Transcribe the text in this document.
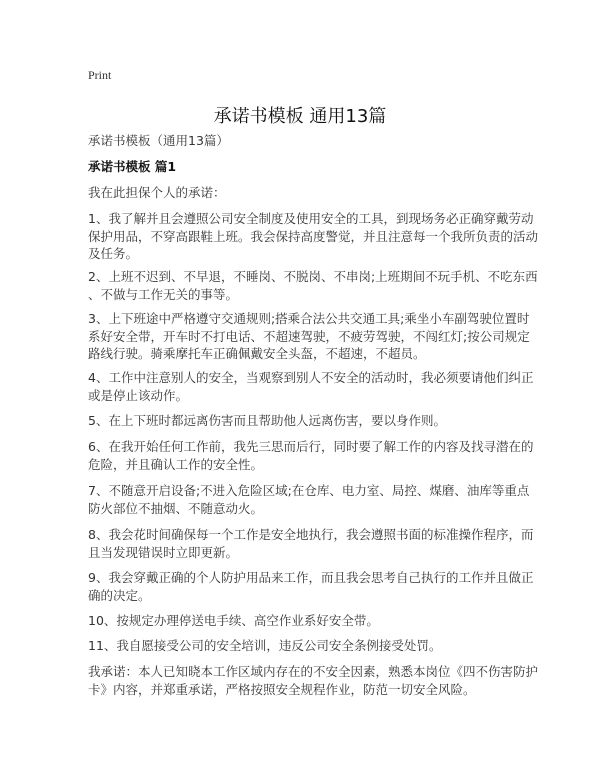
Print
承诺书模板 通用13篇
承诺书模板（通用13篇）
承诺书模板 篇1
我在此担保个人的承诺：
1、我了解并且会遵照公司安全制度及使用安全的工具，到现场务必正确穿戴劳动
保护用品，不穿高跟鞋上班。我会保持高度警觉，并且注意每一个我所负责的活动
及任务。
2、上班不迟到、不早退，不睡岗、不脱岗、不串岗;上班期间不玩手机、不吃东西
、不做与工作无关的事等。
3、上下班途中严格遵守交通规则;搭乘合法公共交通工具;乘坐小车副驾驶位置时
系好安全带，开车时不打电话、不超速驾驶，不疲劳驾驶，不闯红灯;按公司规定
路线行驶。骑乘摩托车正确佩戴安全头盔，不超速，不超员。
4、工作中注意别人的安全，当观察到别人不安全的活动时，我必须要请他们纠正
或是停止该动作。
5、在上下班时都远离伤害而且帮助他人远离伤害，要以身作则。
6、在我开始任何工作前，我先三思而后行，同时要了解工作的内容及找寻潜在的
危险，并且确认工作的安全性。
7、不随意开启设备;不进入危险区域;在仓库、电力室、局控、煤磨、油库等重点
防火部位不抽烟、不随意动火。
8、我会花时间确保每一个工作是安全地执行，我会遵照书面的标准操作程序，而
且当发现错误时立即更新。
9、我会穿戴正确的个人防护用品来工作，而且我会思考自己执行的工作并且做正
确的决定。
10、按规定办理停送电手续、高空作业系好安全带。
11、我自愿接受公司的安全培训，违反公司安全条例接受处罚。
我承诺：本人已知晓本工作区域内存在的不安全因素，熟悉本岗位《四不伤害防护
卡》内容，并郑重承诺，严格按照安全规程作业，防范一切安全风险。
